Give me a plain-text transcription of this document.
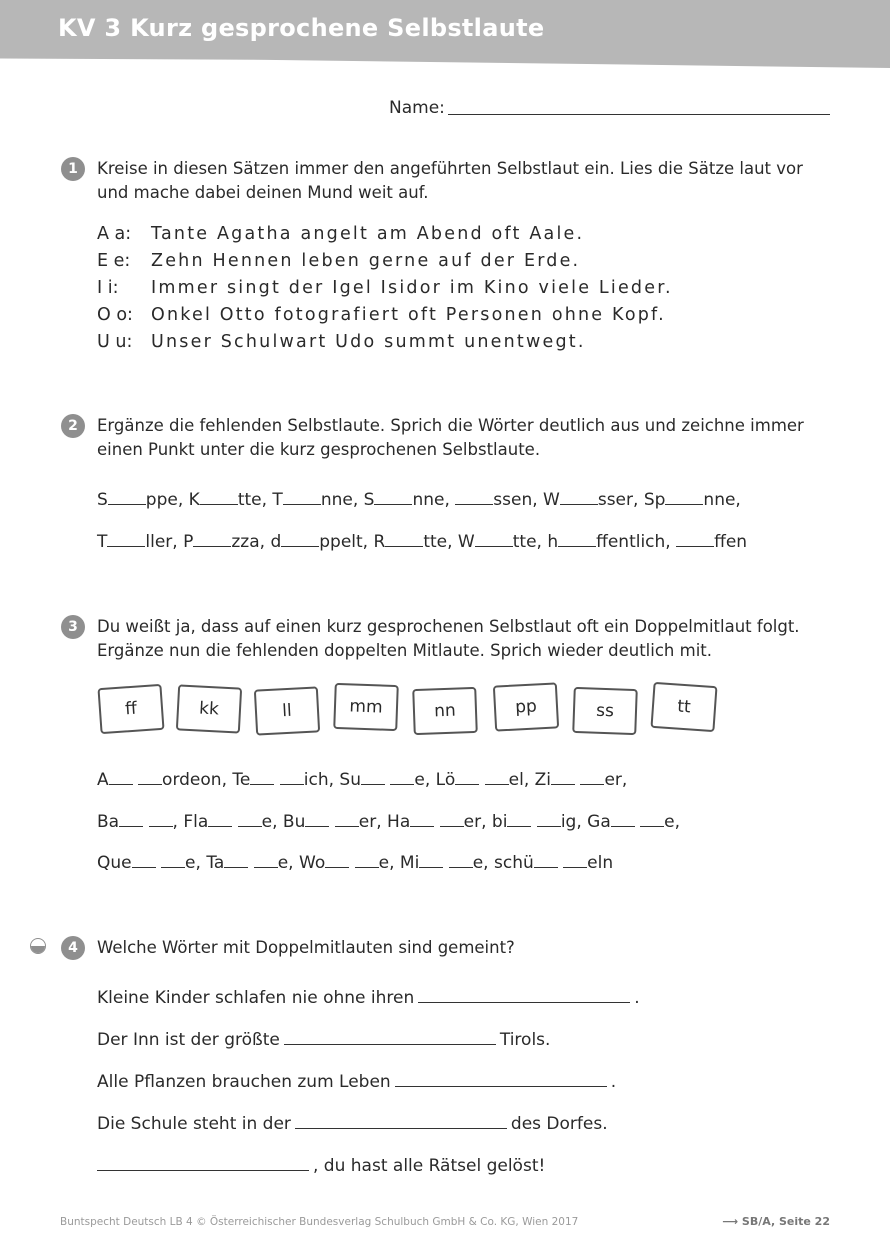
KV 3 Kurz gesprochene Selbstlaute
Name:
1	Kreise in diesen Sätzen immer den angeführten Selbstlaut ein. Lies die Sätze laut vor und mache dabei deinen Mund weit auf.
A a:	Tante Agatha angelt am Abend oft Aale.
E e:	Zehn Hennen leben gerne auf der Erde.
I i:	Immer singt der Igel Isidor im Kino viele Lieder.
O o:	Onkel Otto fotografiert oft Personen ohne Kopf.
U u:	Unser Schulwart Udo summt unentwegt.
2	Ergänze die fehlenden Selbstlaute. Sprich die Wörter deutlich aus und zeichne immer einen Punkt unter die kurz gesprochenen Selbstlaute.
S ppe, K tte, T nne, S nne,	ssen, W sser, Sp nne,
T ller, P zza, d ppelt, R tte, W tte, h ffentlich,	ffen
3	Du weißt ja, dass auf einen kurz gesprochenen Selbstlaut oft ein Doppelmitlaut folgt. Ergänze nun die fehlenden doppelten Mitlaute. Sprich wieder deutlich mit.
ff	kk	ll	mm	nn	pp	ss	tt
A	ordeon, Te	ich, Su	e, Lö	el, Zi	er,
Ba	, Fla	e, Bu	er, Ha	er, bi	ig, Ga	e,
Que	e, Ta	e, Wo	e, Mi	e, schü	eln
4	Welche Wörter mit Doppelmitlauten sind gemeint?
Kleine Kinder schlafen nie ohne ihren	.
Der Inn ist der größte	Tirols.
Alle Pflanzen brauchen zum Leben	.
Die Schule steht in der	des Dorfes.
, du hast alle Rätsel gelöst!
Buntspecht Deutsch LB 4 © Österreichischer Bundesverlag Schulbuch GmbH & Co. KG, Wien 2017	⟶ SB/A, Seite 22
